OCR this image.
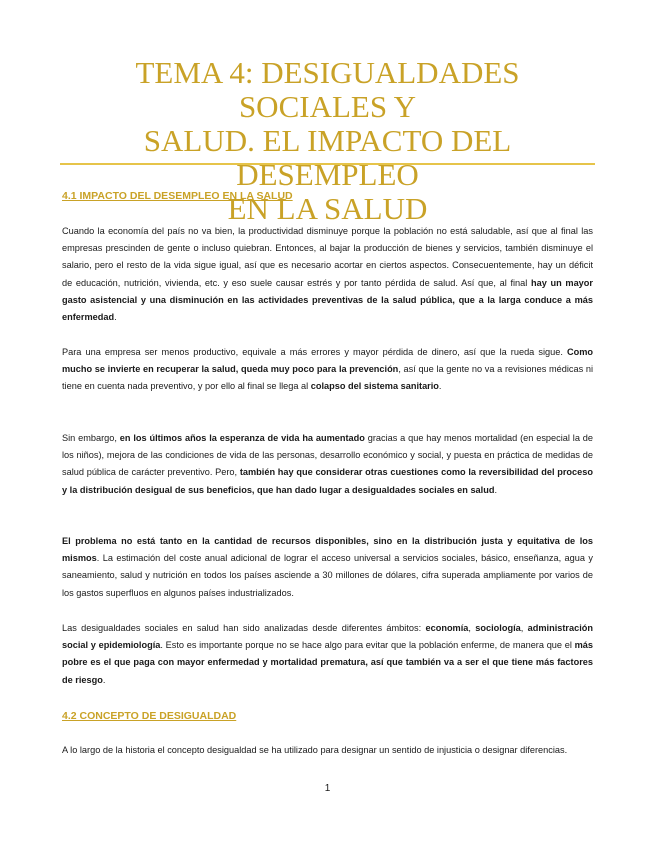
TEMA 4: DESIGUALDADES SOCIALES Y
SALUD. EL IMPACTO DEL DESEMPLEO
EN LA SALUD
4.1 IMPACTO DEL DESEMPLEO EN LA SALUD

Cuando la economía del país no va bien, la productividad disminuye porque la población no está saludable, así que al final las empresas prescinden de gente o incluso quiebran. Entonces, al bajar la producción de bienes y servicios, también disminuye el salario, pero el resto de la vida sigue igual, así que es necesario acortar en ciertos aspectos. Consecuentemente, hay un déficit de educación, nutrición, vivienda, etc. y eso suele causar estrés y por tanto pérdida de salud. Así que, al final hay un mayor gasto asistencial y una disminución en las actividades preventivas de la salud pública, que a la larga conduce a más enfermedad.

Para una empresa ser menos productivo, equivale a más errores y mayor pérdida de dinero, así que la rueda sigue. Como mucho se invierte en recuperar la salud, queda muy poco para la prevención, así que la gente no va a revisiones médicas ni tiene en cuenta nada preventivo, y por ello al final se llega al colapso del sistema sanitario.

Sin embargo, en los últimos años la esperanza de vida ha aumentado gracias a que hay menos mortalidad (en especial la de los niños), mejora de las condiciones de vida de las personas, desarrollo económico y social, y puesta en práctica de medidas de salud pública de carácter preventivo. Pero, también hay que considerar otras cuestiones como la reversibilidad del proceso y la distribución desigual de sus beneficios, que han dado lugar a desigualdades sociales en salud.

El problema no está tanto en la cantidad de recursos disponibles, sino en la distribución justa y equitativa de los mismos. La estimación del coste anual adicional de lograr el acceso universal a servicios sociales, básico, enseñanza, agua y saneamiento, salud y nutrición en todos los países asciende a 30 millones de dólares, cifra superada ampliamente por varios de los gastos superfluos en algunos países industrializados.

Las desigualdades sociales en salud han sido analizadas desde diferentes ámbitos: economía, sociología, administración social y epidemiología. Esto es importante porque no se hace algo para evitar que la población enferme, de manera que el más pobre es el que paga con mayor enfermedad y mortalidad prematura, así que también va a ser el que tiene más factores de riesgo.

4.2 CONCEPTO DE DESIGUALDAD

A lo largo de la historia el concepto desigualdad se ha utilizado para designar un sentido de injusticia o designar diferencias.

1
